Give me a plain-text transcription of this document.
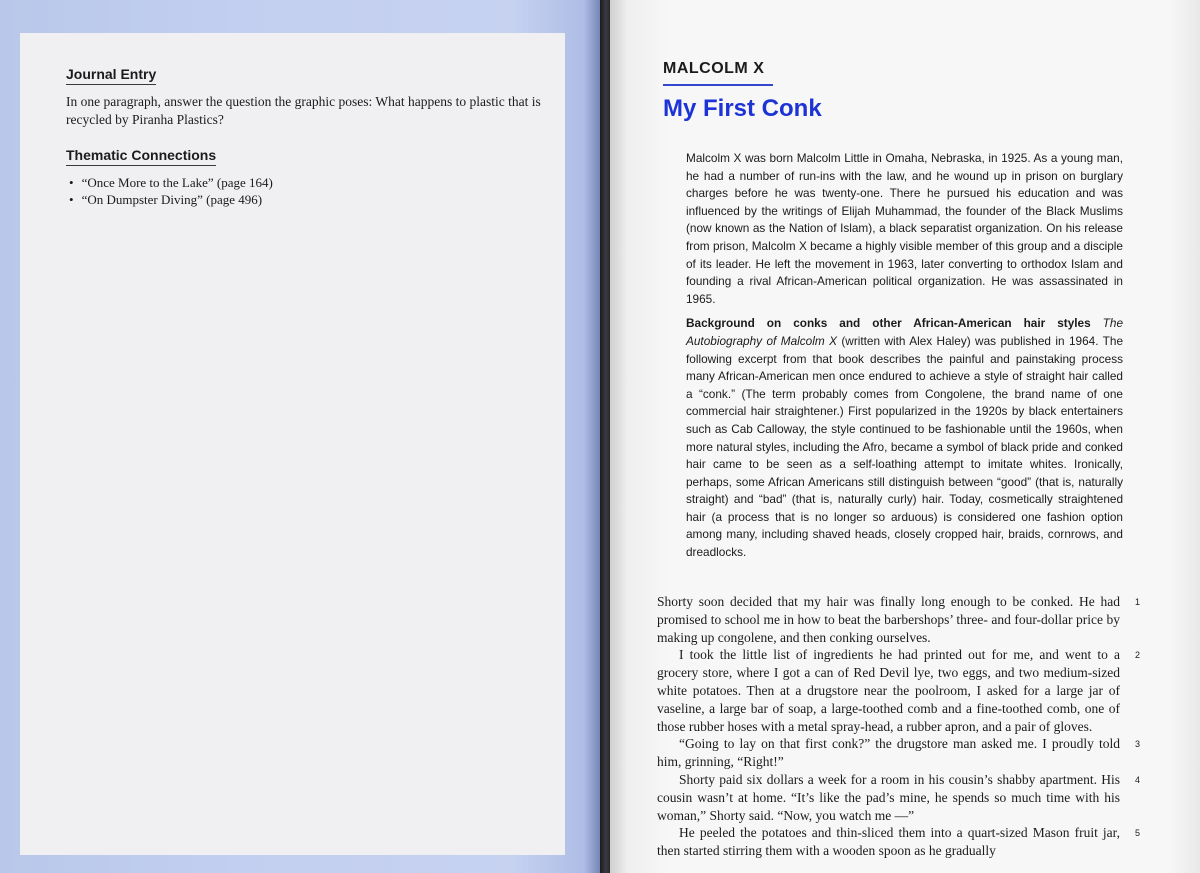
Journal Entry

In one paragraph, answer the question the graphic poses: What happens to plastic that is recycled by Piranha Plastics?

Thematic Connections
• “Once More to the Lake” (page 164)
• “On Dumpster Diving” (page 496)
MALCOLM X
My First Conk

Malcolm X was born Malcolm Little in Omaha, Nebraska, in 1925. As a young man, he had a number of run-ins with the law, and he wound up in prison on burglary charges before he was twenty-one. There he pursued his education and was influenced by the writings of Elijah Muhammad, the founder of the Black Muslims (now known as the Nation of Islam), a black separatist organization. On his release from prison, Malcolm X became a highly visible member of this group and a disciple of its leader. He left the movement in 1963, later converting to orthodox Islam and founding a rival African-American political organization. He was assassinated in 1965.

Background on conks and other African-American hair styles The Autobiography of Malcolm X (written with Alex Haley) was published in 1964. The following excerpt from that book describes the painful and painstaking process many African-American men once endured to achieve a style of straight hair called a “conk.” (The term probably comes from Congolene, the brand name of one commercial hair straightener.) First popularized in the 1920s by black entertainers such as Cab Calloway, the style continued to be fashionable until the 1960s, when more natural styles, including the Afro, became a symbol of black pride and conked hair came to be seen as a self-loathing attempt to imitate whites. Ironically, perhaps, some African Americans still distinguish between “good” (that is, naturally straight) and “bad” (that is, naturally curly) hair. Today, cosmetically straightened hair (a process that is no longer so arduous) is considered one fashion option among many, including shaved heads, closely cropped hair, braids, cornrows, and dreadlocks.

Shorty soon decided that my hair was finally long enough to be conked. He had promised to school me in how to beat the barbershops’ three- and four-dollar price by making up congolene, and then conking ourselves.
1

I took the little list of ingredients he had printed out for me, and went to a grocery store, where I got a can of Red Devil lye, two eggs, and two medium-sized white potatoes. Then at a drugstore near the poolroom, I asked for a large jar of vaseline, a large bar of soap, a large-toothed comb and a fine-toothed comb, one of those rubber hoses with a metal spray-head, a rubber apron, and a pair of gloves.
2

“Going to lay on that first conk?” the drugstore man asked me. I proudly told him, grinning, “Right!”
3

Shorty paid six dollars a week for a room in his cousin’s shabby apartment. His cousin wasn’t at home. “It’s like the pad’s mine, he spends so much time with his woman,” Shorty said. “Now, you watch me —”
4

He peeled the potatoes and thin-sliced them into a quart-sized Mason fruit jar, then started stirring them with a wooden spoon as he gradually
5
